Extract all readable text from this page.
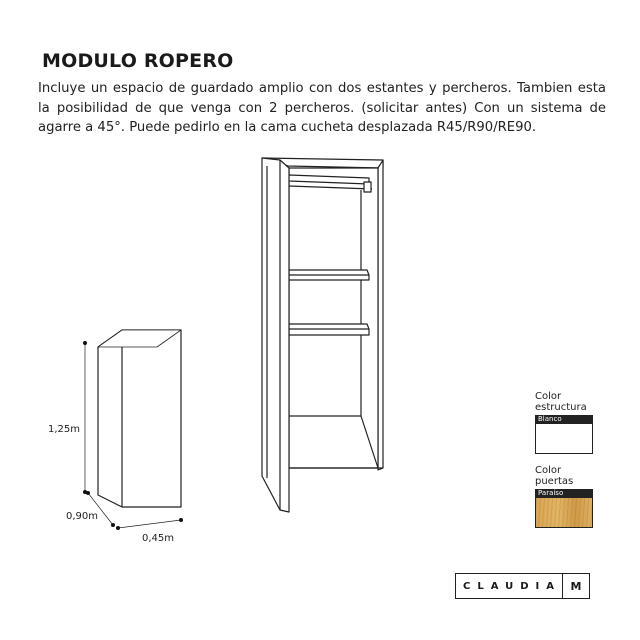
MODULO ROPERO

Incluye un espacio de guardado amplio con dos estantes y percheros. Tambien esta la posibilidad de que venga con 2 percheros. (solicitar antes) Con un sistema de agarre a 45°. Puede pedirlo en la cama cucheta desplazada R45/R90/RE90.

1,25m
0,90m
0,45m
Color estructura
Blanco
Color puertas
Paraíso
CLAUDIA M
